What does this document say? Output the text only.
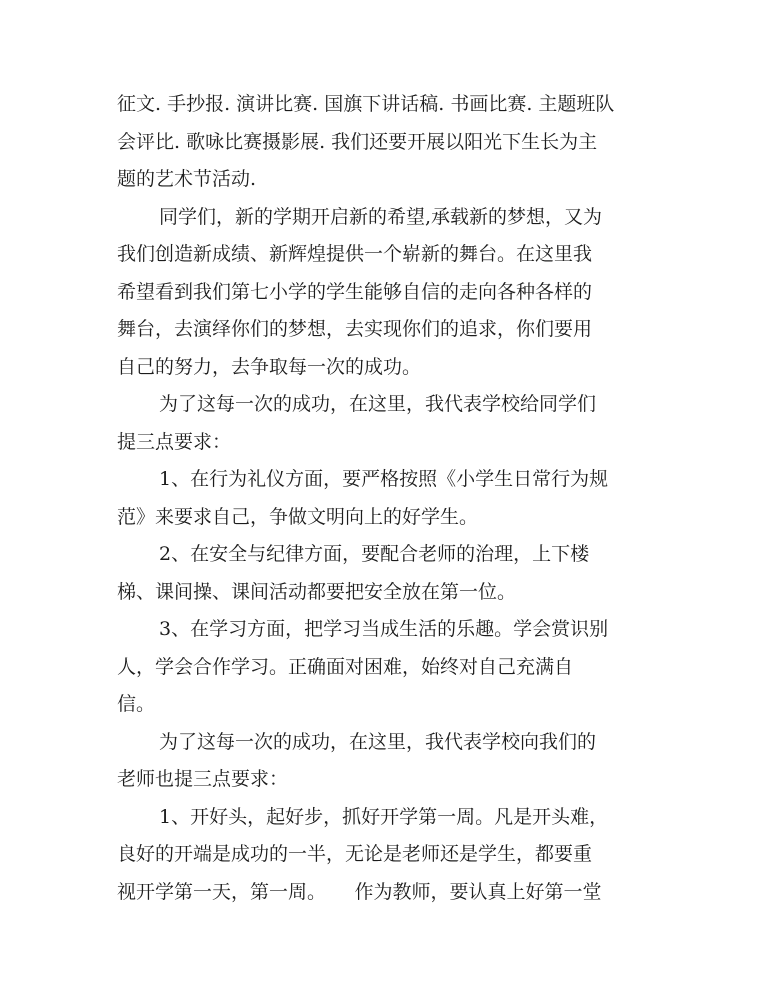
征文. 手抄报. 演讲比赛. 国旗下讲话稿. 书画比赛. 主题班队
会评比. 歌咏比赛摄影展. 我们还要开展以阳光下生长为主
题的艺术节活动.

同学们，新的学期开启新的希望,承载新的梦想，又为
我们创造新成绩、新辉煌提供一个崭新的舞台。在这里我
希望看到我们第七小学的学生能够自信的走向各种各样的
舞台，去演绎你们的梦想，去实现你们的追求，你们要用
自己的努力，去争取每一次的成功。

为了这每一次的成功，在这里，我代表学校给同学们
提三点要求：

1、在行为礼仪方面，要严格按照《小学生日常行为规
范》来要求自己，争做文明向上的好学生。

2、在安全与纪律方面，要配合老师的治理，上下楼
梯、课间操、课间活动都要把安全放在第一位。

3、在学习方面，把学习当成生活的乐趣。学会赏识别
人，学会合作学习。正确面对困难，始终对自己充满自
信。

为了这每一次的成功，在这里，我代表学校向我们的
老师也提三点要求：

1、开好头，起好步，抓好开学第一周。凡是开头难，
良好的开端是成功的一半，无论是老师还是学生，都要重
视开学第一天，第一周。　　作为教师，要认真上好第一堂
